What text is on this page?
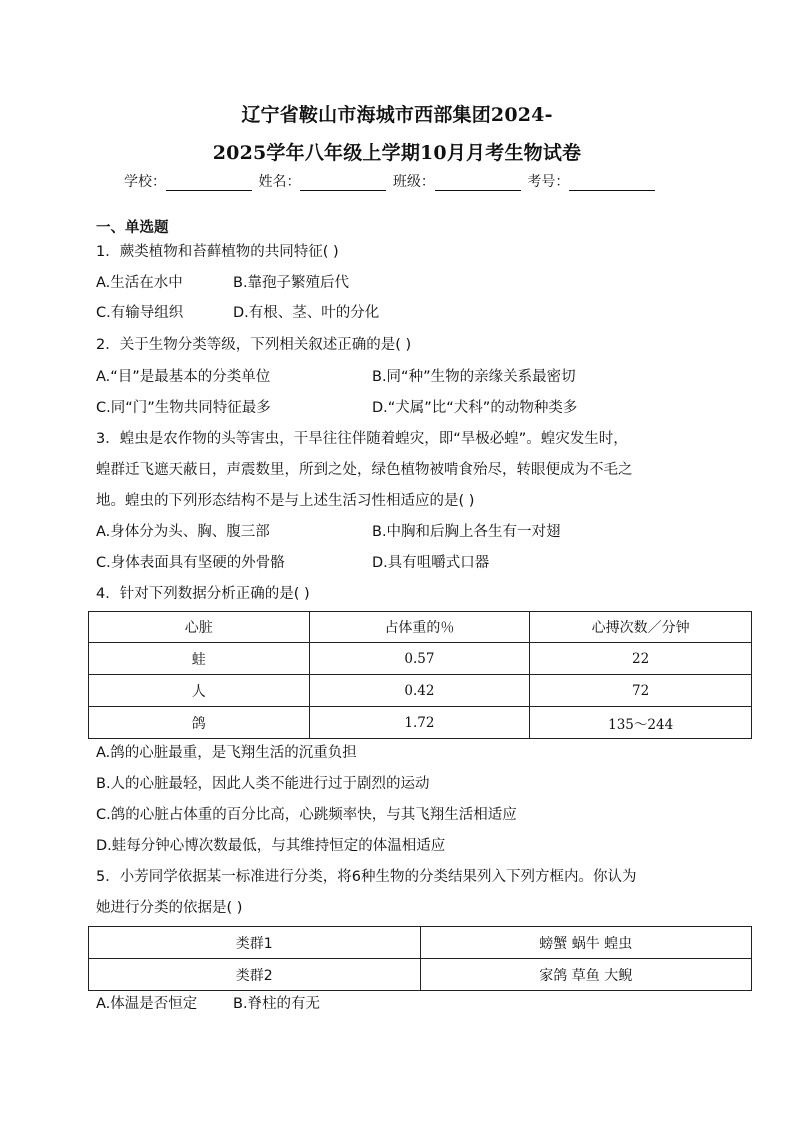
辽宁省鞍山市海城市西部集团2024-
2025学年八年级上学期10月月考生物试卷
学校：	姓名：	班级：	考号：
一、单选题
1．蕨类植物和苔藓植物的共同特征( )
A.生活在水中	B.靠孢子繁殖后代
C.有输导组织	D.有根、茎、叶的分化
2．关于生物分类等级，下列相关叙述正确的是( )
A.“目”是最基本的分类单位	B.同“种”生物的亲缘关系最密切
C.同“门”生物共同特征最多	D.“犬属”比“犬科”的动物种类多
3．蝗虫是农作物的头等害虫，干旱往往伴随着蝗灾，即“旱极必蝗”。蝗灾发生时，
蝗群迁飞遮天蔽日，声震数里，所到之处，绿色植物被啃食殆尽，转眼便成为不毛之
地。蝗虫的下列形态结构不是与上述生活习性相适应的是( )
A.身体分为头、胸、腹三部	B.中胸和后胸上各生有一对翅
C.身体表面具有坚硬的外骨骼	D.具有咀嚼式口器
4．针对下列数据分析正确的是( )
心脏	占体重的％	心搏次数／分钟
蛙	0.57	22
人	0.42	72
鸽	1.72	135～244
A.鸽的心脏最重，是飞翔生活的沉重负担
B.人的心脏最轻，因此人类不能进行过于剧烈的运动
C.鸽的心脏占体重的百分比高，心跳频率快，与其飞翔生活相适应
D.蛙每分钟心博次数最低，与其维持恒定的体温相适应
5．小芳同学依据某一标准进行分类，将6种生物的分类结果列入下列方框内。你认为
她进行分类的依据是( )
类群1	螃蟹 蜗牛 蝗虫
类群2	家鸽 草鱼 大鲵
A.体温是否恒定 B.脊柱的有无
